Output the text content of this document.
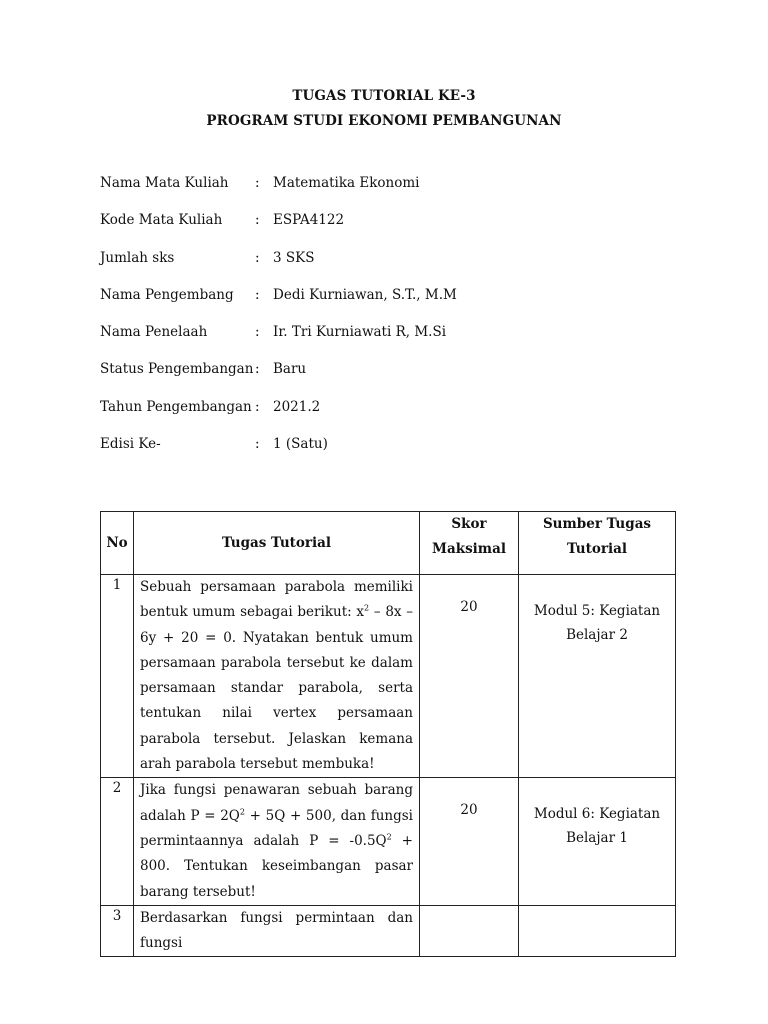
TUGAS TUTORIAL KE-3
PROGRAM STUDI EKONOMI PEMBANGUNAN
Nama Mata Kuliah : Matematika Ekonomi
Kode Mata Kuliah : ESPA4122
Jumlah sks	: 3 SKS
Nama Pengembang : Dedi Kurniawan, S.T., M.M
Nama Penelaah	: Ir. Tri Kurniawati R, M.Si
Status Pengembangan : Baru
Tahun Pengembangan : 2021.2
Edisi Ke-	: 1 (Satu)
No	Tugas Tutorial	Skor Maksimal	Sumber Tugas Tutorial
1	Sebuah persamaan parabola memiliki bentuk umum sebagai berikut: $x^2 - 8x - 6y + 20 = 0$. Nyatakan bentuk umum persamaan parabola tersebut ke dalam persamaan standar parabola, serta tentukan nilai vertex persamaan parabola tersebut. Jelaskan kemana arah parabola tersebut membuka!	20	Modul 5: Kegiatan Belajar 2
2	Jika fungsi penawaran sebuah barang adalah $P = 2Q^2 + 5Q + 500$, dan fungsi permintaannya adalah $P = -0.5Q^2 + 800$. Tentukan keseimbangan pasar barang tersebut!	20	Modul 6: Kegiatan Belajar 1
3	Berdasarkan fungsi permintaan dan fungsi		
